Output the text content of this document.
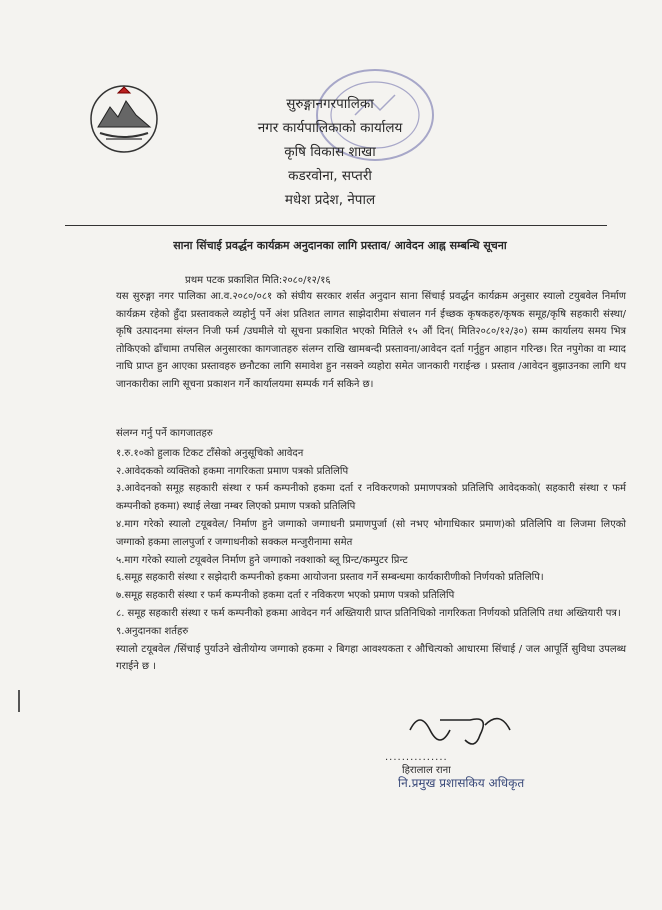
सुरुङ्गानगरपालिका
नगर कार्यपालिकाको कार्यालय
कृषि विकास शाखा
कडरवोना, सप्तरी
मधेश प्रदेश, नेपाल
साना सिंचाई प्रवर्द्धन कार्यक्रम अनुदानका लागि प्रस्ताव/ आवेदन आह्न सम्बन्धि सूचना
प्रथम पटक प्रकाशित मिति:२०८०/१२/१६
यस सुरुङ्गा नगर पालिका आ.व.२०८०/०८१ को संघीय सरकार शर्सत अनुदान साना सिंचाई प्रवर्द्धन कार्यक्रम अनुसार स्यालो टयुबवेल निर्माण कार्यक्रम रहेको हुँदा प्रस्तावकले व्यहोर्नु पर्ने अंश प्रतिशत लागत साझेदारीमा संचालन गर्न ईच्छक कृषकहरु/कृषक समूह/कृषि सहकारी संस्था/कृषि उत्पादनमा संग्लन निजी फर्म /उघमीले यो सूचना प्रकाशित भएको मितिले १५ औं दिन( मिति२०८०/१२/३०) सम्म कार्यालय समय भित्र तोकिएको ढाँचामा तपसिल अनुसारका कागजातहरु संलग्न राखि खामबन्दी प्रस्तावना/आवेदन दर्ता गर्नुहुन आहान गरिन्छ। रित नपुगेका वा म्याद नाघि प्राप्त हुन आएका प्रस्तावहरु छनौटका लागि समावेश हुन नसक्ने व्यहोरा समेत जानकारी गराईन्छ । प्रस्ताव /आवेदन बुझाउनका लागि थप जानकारीका लागि सूचना प्रकाशन गर्ने कार्यालयमा सम्पर्क गर्न सकिने छ।
संलग्न गर्नु पर्ने कागजातहरु
१.रु.१०को हुलाक टिकट टाँसेको अनुसूचिको आवेदन
२.आवेदकको व्यक्तिको हकमा नागरिकता प्रमाण पत्रको प्रतिलिपि
३.आवेदनको समूह सहकारी संस्था र फर्म कम्पनीको हकमा दर्ता र नविकरणको प्रमाणपत्रको प्रतिलिपि आवेदकको( सहकारी संस्था र फर्म कम्पनीको हकमा) स्थाई लेखा नम्बर लिएको प्रमाण पत्रको प्रतिलिपि
४.माग गरेको स्यालो टयूबवेल/ निर्माण हुने जग्गाको जग्गाधनी प्रमाणपुर्जा (सो नभए भोगाधिकार प्रमाण)को प्रतिलिपि वा लिजमा लिएको जग्गाको हकमा लालपुर्जा र जग्गाधनीको सक्कल मन्जुरीनामा समेत
५.माग गरेको स्यालो टयूबवेल निर्माण हुने जग्गाको नक्शाको ब्लू प्रिन्ट/कम्पुटर प्रिन्ट
६.समूह सहकारी संस्था र सझेदारी कम्पनीको हकमा आयोजना प्रस्ताव गर्ने सम्बन्धमा कार्यकारीणीको निर्णयको प्रतिलिपि।
७.समूह सहकारी संस्था र फर्म कम्पनीको हकमा दर्ता र नविकरण भएको प्रमाण पत्रको प्रतिलिपि
८. समूह सहकारी संस्था र फर्म कम्पनीको हकमा आवेदन गर्न अख्तियारी प्राप्त प्रतिनिधिको नागरिकता निर्णयको प्रतिलिपि तथा अख्तियारी पत्र।
९.अनुदानका शर्तहरु
स्यालो टयूबवेल /सिंचाई पुर्याउने खेतीयोग्य जग्गाको हकमा २ बिगहा आवश्यकता र औचित्यको आधारमा सिंचाई / जल आपूर्ति सुविधा उपलब्ध गराईने छ ।
...............
हिरालाल राना
नि.प्रमुख प्रशासकिय अधिकृत
